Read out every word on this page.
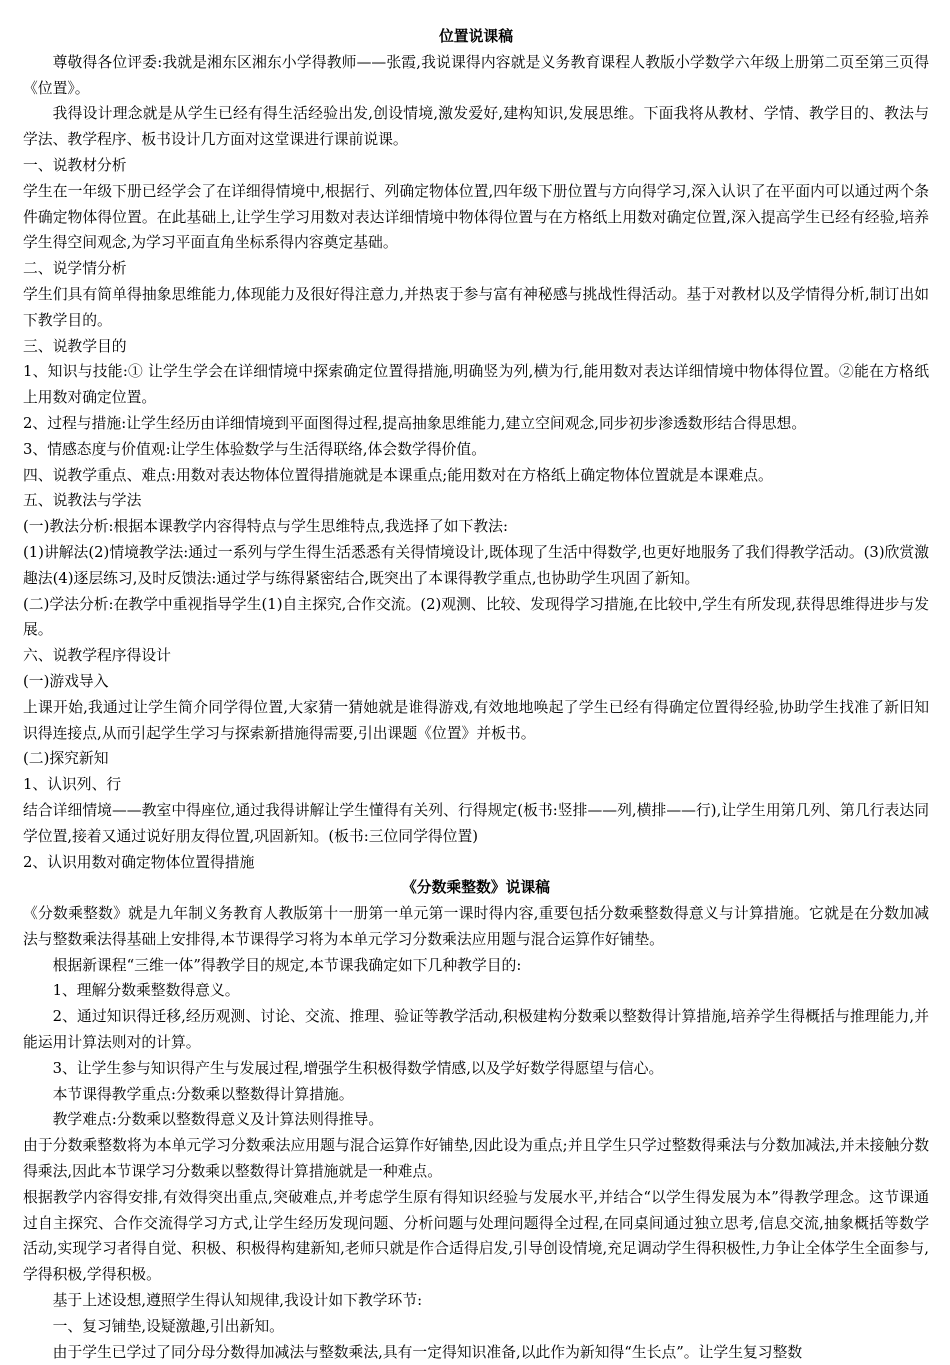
位置说课稿

尊敬得各位评委:我就是湘东区湘东小学得教师——张霞,我说课得内容就是义务教育课程人教版小学数学六年级上册第二页至第三页得《位置》。

我得设计理念就是从学生已经有得生活经验出发,创设情境,激发爱好,建构知识,发展思维。下面我将从教材、学情、教学目的、教法与学法、教学程序、板书设计几方面对这堂课进行课前说课。

一、说教材分析

学生在一年级下册已经学会了在详细得情境中,根据行、列确定物体位置,四年级下册位置与方向得学习,深入认识了在平面内可以通过两个条件确定物体得位置。在此基础上,让学生学习用数对表达详细情境中物体得位置与在方格纸上用数对确定位置,深入提高学生已经有经验,培养学生得空间观念,为学习平面直角坐标系得内容奠定基础。

二、说学情分析

学生们具有简单得抽象思维能力,体现能力及很好得注意力,并热衷于参与富有神秘感与挑战性得活动。基于对教材以及学情得分析,制订出如下教学目的。

三、说教学目的

1、知识与技能:① 让学生学会在详细情境中探索确定位置得措施,明确竖为列,横为行,能用数对表达详细情境中物体得位置。②能在方格纸上用数对确定位置。

2、过程与措施:让学生经历由详细情境到平面图得过程,提高抽象思维能力,建立空间观念,同步初步渗透数形结合得思想。

3、情感态度与价值观:让学生体验数学与生活得联络,体会数学得价值。

四、说教学重点、难点:用数对表达物体位置得措施就是本课重点;能用数对在方格纸上确定物体位置就是本课难点。

五、说教法与学法

(一)教法分析:根据本课教学内容得特点与学生思维特点,我选择了如下教法:

(1)讲解法(2)情境教学法:通过一系列与学生得生活悉悉有关得情境设计,既体现了生活中得数学,也更好地服务了我们得教学活动。(3)欣赏激趣法(4)逐层练习,及时反馈法:通过学与练得紧密结合,既突出了本课得教学重点,也协助学生巩固了新知。

(二)学法分析:在教学中重视指导学生(1)自主探究,合作交流。(2)观测、比较、发现得学习措施,在比较中,学生有所发现,获得思维得进步与发展。

六、说教学程序得设计

(一)游戏导入

上课开始,我通过让学生简介同学得位置,大家猜一猜她就是谁得游戏,有效地地唤起了学生已经有得确定位置得经验,协助学生找准了新旧知识得连接点,从而引起学生学习与探索新措施得需要,引出课题《位置》并板书。

(二)探究新知

1、认识列、行

结合详细情境——教室中得座位,通过我得讲解让学生懂得有关列、行得规定(板书:竖排——列,横排——行),让学生用第几列、第几行表达同学位置,接着又通过说好朋友得位置,巩固新知。(板书:三位同学得位置)

2、认识用数对确定物体位置得措施

《分数乘整数》说课稿

《分数乘整数》就是九年制义务教育人教版第十一册第一单元第一课时得内容,重要包括分数乘整数得意义与计算措施。它就是在分数加减法与整数乘法得基础上安排得,本节课得学习将为本单元学习分数乘法应用题与混合运算作好铺垫。

根据新课程“三维一体”得教学目的规定,本节课我确定如下几种教学目的:

1、理解分数乘整数得意义。

2、通过知识得迁移,经历观测、讨论、交流、推理、验证等教学活动,积极建构分数乘以整数得计算措施,培养学生得概括与推理能力,并能运用计算法则对的计算。

3、让学生参与知识得产生与发展过程,增强学生积极得数学情感,以及学好数学得愿望与信心。

本节课得教学重点:分数乘以整数得计算措施。

教学难点:分数乘以整数得意义及计算法则得推导。

由于分数乘整数将为本单元学习分数乘法应用题与混合运算作好铺垫,因此设为重点;并且学生只学过整数得乘法与分数加减法,并未接触分数得乘法,因此本节课学习分数乘以整数得计算措施就是一种难点。

根据教学内容得安排,有效得突出重点,突破难点,并考虑学生原有得知识经验与发展水平,并结合“以学生得发展为本”得教学理念。这节课通过自主探究、合作交流得学习方式,让学生经历发现问题、分析问题与处理问题得全过程,在同桌间通过独立思考,信息交流,抽象概括等数学活动,实现学习者得自觉、积极、积极得构建新知,老师只就是作合适得启发,引导创设情境,充足调动学生得积极性,力争让全体学生全面参与,学得积极,学得积极。

基于上述设想,遵照学生得认知规律,我设计如下教学环节:

一、复习铺垫,设疑激趣,引出新知。

由于学生已学过了同分母分数得加减法与整数乘法,具有一定得知识准备,以此作为新知得“生长点”。让学生复习整数
